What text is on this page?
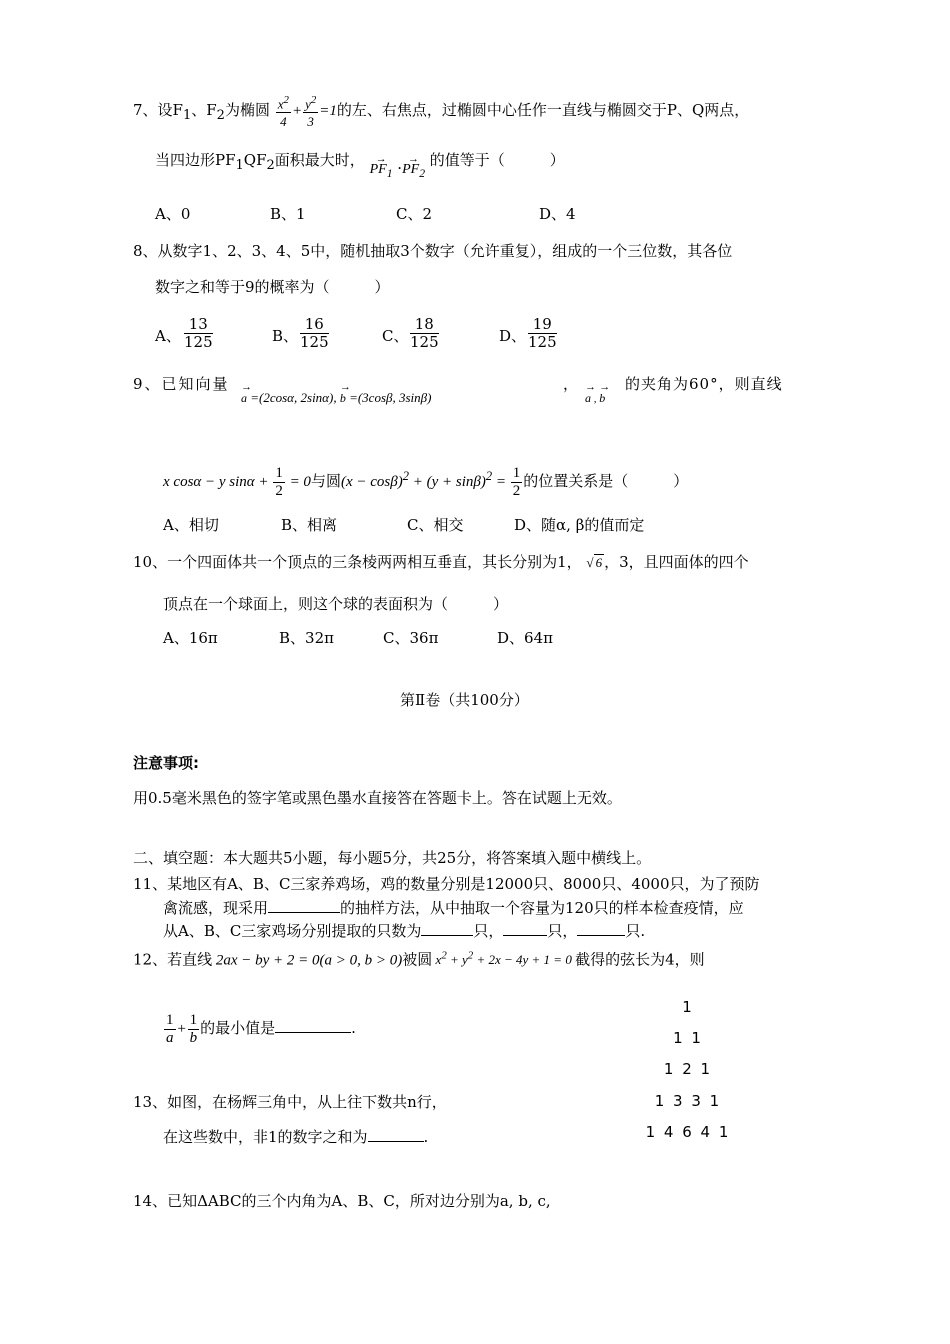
7、设$F_1$、$F_2$为椭圆 $\frac{x^2}{4} + \frac{y^2}{3} =1$的左、右焦点，过椭圆中心任作一直线与椭圆交于P、Q两点，
当四边形$PF_1QF_2$面积最大时， → $PF_1 \cdot\to PF_2$ 的值等于（　　　）
A、0	B、1	C、2	D、4
8、从数字1、2、3、4、5中，随机抽取3个数字（允许重复），组成的一个三位数，其各位
数字之和等于9的概率为（　　　）
A、 $\frac{13}{125}$	B、 $\frac{16}{125}$	C、 $\frac{18}{125}$	D、 $\frac{19}{125}$
9、已知向量
→ a =(2cosα, 2sinα), → b =(3cosβ, 3sinβ)
，
→ a , → b
的夹角为60°，则直线
x cosα − y $\sin\alpha + \frac{1}{2} = 0$与圆$(x - \cos\beta)^2 + (y + \sin\beta)^2 = \frac{1}{2}$ 的位置关系是（　　　）
A、相切	B、相离	C、相交	D、随α, β的值而定
10、一个四面体共一个顶点的三条棱两两相互垂直，其长分别为1， √ 6 ，3，且四面体的四个
顶点在一个球面上，则这个球的表面积为（　　　）
A、16π	B、32π	C、36π	D、64π
第Ⅱ卷（共100分）
注意事项:
用0.5毫米黑色的签字笔或黑色墨水直接答在答题卡上。答在试题上无效。
二、填空题：本大题共5小题，每小题5分，共25分，将答案填入题中横线上。
11、某地区有A、B、C三家养鸡场，鸡的数量分别是12000只、8000只、4000只，为了预防
禽流感，现采用	的抽样方法，从中抽取一个容量为120只的样本检查疫情，应
从A、B、C三家鸡场分别提取的只数为	只，	只，	只.
12、若直线 2ax − by + 2 = 0(a > 0, b > 0)被圆 $x^2 + y^2 + 2x - 4y + 1 = 0$ 截得的弦长为4，则
$\frac{1}{a} + \frac{1}{b}$ 的最小值是	.
1
1 1
1 2 1
1 3 3 1
1 4 6 4 1
13、如图，在杨辉三角中，从上往下数共n行，
在这些数中，非1的数字之和为	.
14、已知ΔABC的三个内角为A、B、C，所对边分别为a, b, c,
